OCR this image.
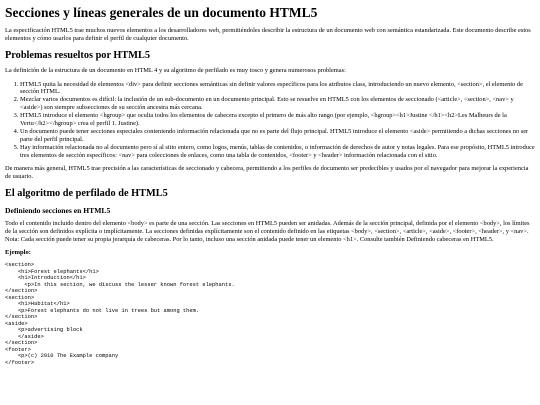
Secciones y líneas generales de un documento HTML5

La especificación HTML5 trae muchos nuevos elementos a los desarrolladores web, permitiéndoles describir la estructura de un documento web con semántica estandarizada. Este documento describe estos elementos y cómo usarlos para definir el perfil de cualquier documento.

Problemas resueltos por HTML5

La definición de la estructura de un documento en HTML 4 y su algoritmo de perfilado es muy tosco y genera numerosos problemas:

1. HTML5 quita la necesidad de elementos <div> para definir secciones semánticas sin definir valores específicos para los atributos class, introduciendo un nuevo elemento, <section>, el elemento de sección HTML.
2. Mezclar varios documentos es difícil: la inclusión de un sub-documento en un documento principal. Esto se resuelve en HTML5 con los elementos de seccionado (<article>, <section>, <nav> y <aside>) son siempre subsecciones de su sección ancestra más cercana.
3. HTML5 introduce el elemento <hgroup> que oculta todos los elementos de cabecera excepto el primero de más alto rango (por ejemplo, <hgroup><h1>Justine </h1><h2>Les Malheurs de la Vertu</h2></hgroup> crea el perfil 1. Justine).
4. Un documento puede tener secciones especiales conteniendo información relacionada que no es parte del flujo principal. HTML5 introduce el elemento <aside> permitiendo a dichas secciones no ser parte del perfil principal.
5. Hay información relacionada no al documento pero sí al sitio entero, como logos, menús, tablas de contenidos, o información de derechos de autor y notas legales. Para ese propósito, HTML5 introduce tres elementos de sección específicos: <nav> para colecciones de enlaces, como una tabla de contenidos, <footer> y <header> información relacionada con el sitio.

De manera más general, HTML5 trae precisión a las características de seccionado y cabecera, permitiendo a los perfiles de documento ser predecibles y usados por el navegador para mejorar la experiencia de usuario.

El algoritmo de perfilado de HTML5
Definiendo secciones en HTML5

Todo el contenido incluido dentro del elemento <body> es parte de una sección. Las secciones en HTML5 pueden ser anidadas. Además de la sección principal, definida por el elemento <body>, los límites de la sección son definidos explícita o implícitamente. La secciones definidas explícitamente son el contenido definido en las etiquetas <body>, <section>, <article>, <aside>, <footer>, <header>, y <nav>. Nota: Cada sección puede tener su propia jerarquía de cabeceras. Por lo tanto, incluso una sección anidada puede tener un elemento <h1>. Consulte también Definiendo cabeceras en HTML5.

Ejemplo:
<section>
<h1>Forest elephants</h1>
<h1>Introduction</h1>
<p>In this section, we discuss the lesser known forest elephants.
</section>
<section>
<h1>Habitat</h1>
<p>Forest elephants do not live in trees but among them.
</section>
<aside>
<p>advertising block
</aside>
</section>
<footer>
<p>(c) 2010 The Example company
</footer>
